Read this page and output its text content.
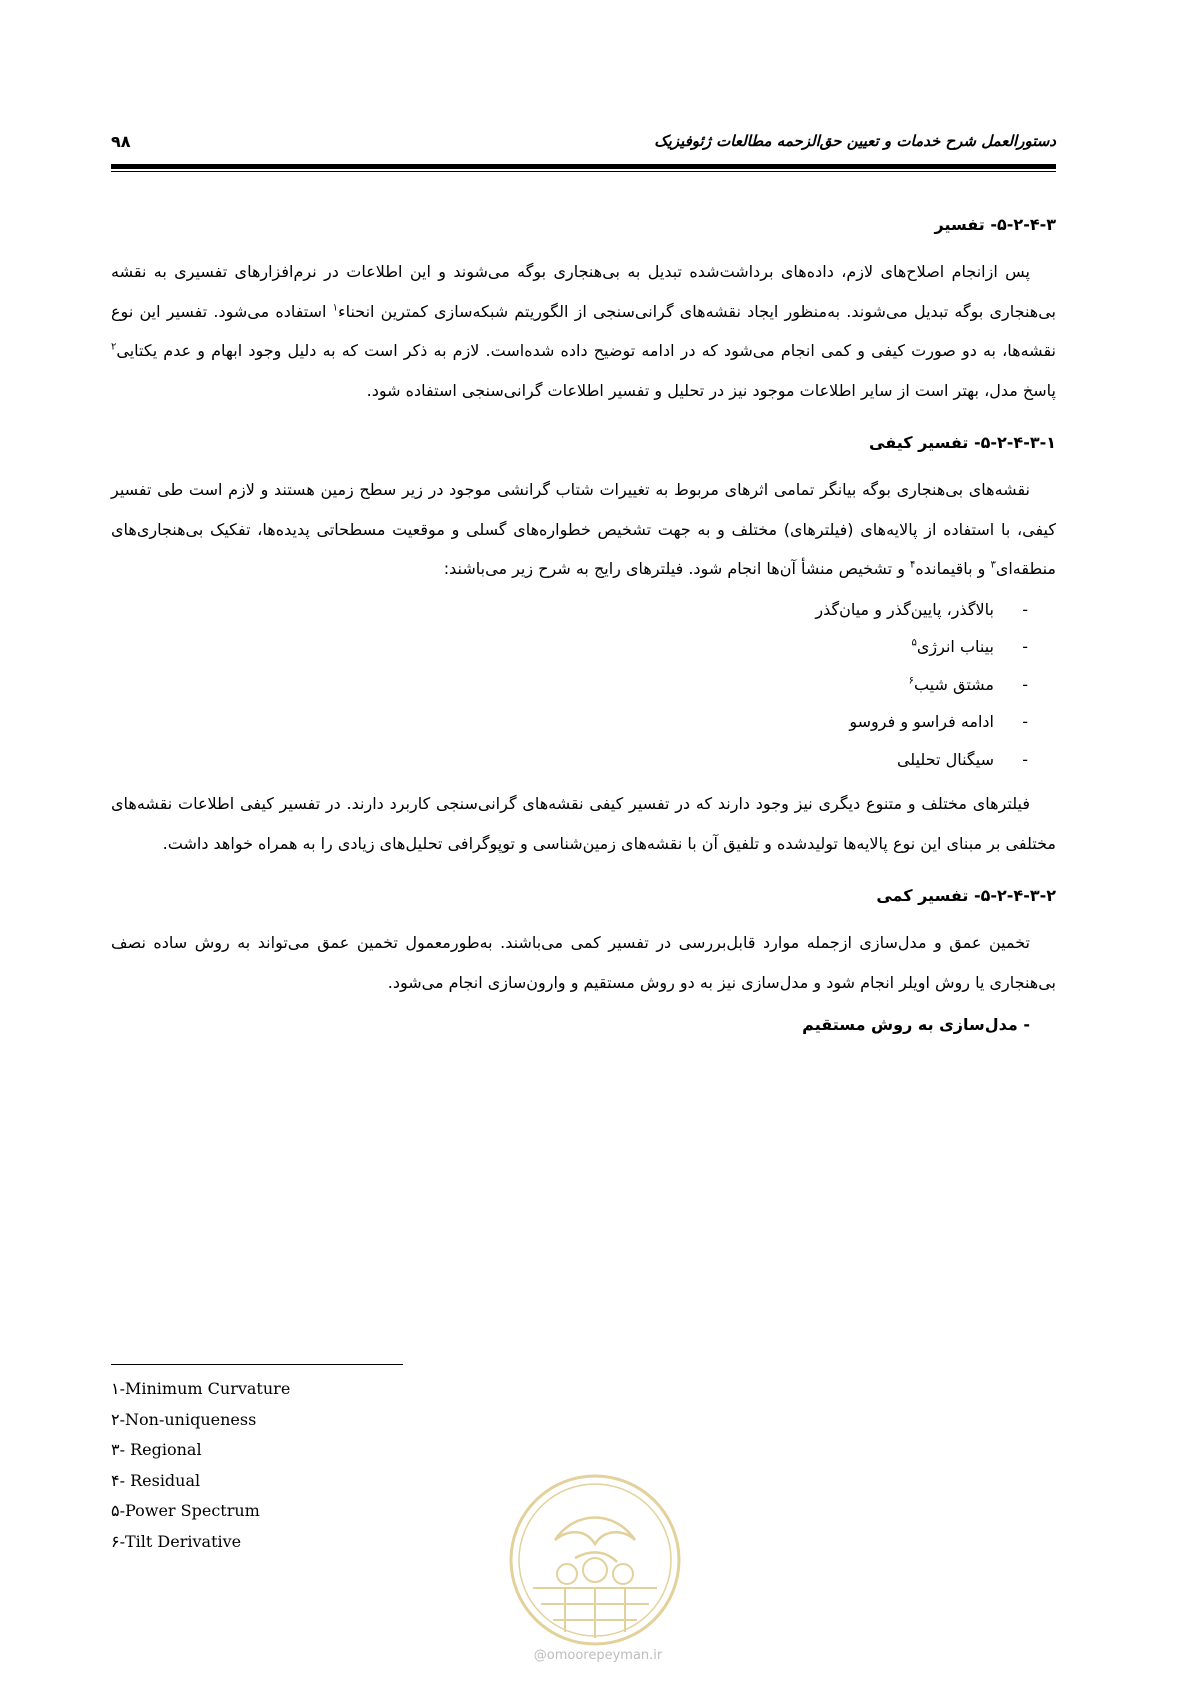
۹۸	دستورالعمل شرح خدمات و تعیین حق‌الزحمه مطالعات ژئوفیزیک
۵-۲-۴-۳- تفسیر

پس ازانجام اصلاح‌های لازم، داده‌های برداشت‌شده تبدیل به بی‌هنجاری بوگه می‌شوند و این اطلاعات در نرم‌افزارهای تفسیری به نقشه بی‌هنجاری بوگه تبدیل می‌شوند. به‌منظور ایجاد نقشه‌های گرانی‌سنجی از الگوریتم شبکه‌سازی کمترین انحناء$^۱$ استفاده می‌شود. تفسیر این نوع نقشه‌ها، به دو صورت کیفی و کمی انجام می‌شود که در ادامه توضیح داده شده‌است. لازم به ذکر است که به دلیل وجود ابهام و عدم یکتایی$^۲$ پاسخ مدل، بهتر است از سایر اطلاعات موجود نیز در تحلیل و تفسیر اطلاعات گرانی‌سنجی استفاده شود.

۵-۲-۴-۳-۱- تفسیر کیفی

نقشه‌های بی‌هنجاری بوگه بیانگر تمامی اثرهای مربوط به تغییرات شتاب گرانشی موجود در زیر سطح زمین هستند و لازم است طی تفسیر کیفی، با استفاده از پالایه‌های (فیلترهای) مختلف و به جهت تشخیص خطواره‌های گسلی و موقعیت مسطحاتی پدیده‌ها، تفکیک بی‌هنجاری‌های منطقه‌ای$^۳$ و باقیمانده$^۴$ و تشخیص منشأ آن‌ها انجام شود. فیلترهای رایج به شرح زیر می‌باشند:

-بالاگذر، پایین‌گذر و میان‌گذر
-بیناب انرژی$^۵$
-مشتق شیب$^۶$
-ادامه فراسو و فروسو
-سیگنال تحلیلی

فیلترهای مختلف و متنوع دیگری نیز وجود دارند که در تفسیر کیفی نقشه‌های گرانی‌سنجی کاربرد دارند. در تفسیر کیفی اطلاعات نقشه‌های مختلفی بر مبنای این نوع پالایه‌ها تولیدشده و تلفیق آن با نقشه‌های زمین‌شناسی و توپوگرافی تحلیل‌های زیادی را به همراه خواهد داشت.

۵-۲-۴-۳-۲- تفسیر کمی

تخمین عمق و مدل‌سازی ازجمله موارد قابل‌بررسی در تفسیر کمی می‌باشند. به‌طورمعمول تخمین عمق می‌تواند به روش ساده نصف بی‌هنجاری یا روش اویلر انجام شود و مدل‌سازی نیز به دو روش مستقیم و وارون‌سازی انجام می‌شود.

- مدل‌سازی به روش مستقیم
۱-Minimum Curvature
۲-Non-uniqueness
۳- Regional
۴- Residual
۵-Power Spectrum
۶-Tilt Derivative
@omoorepeyman.ir
